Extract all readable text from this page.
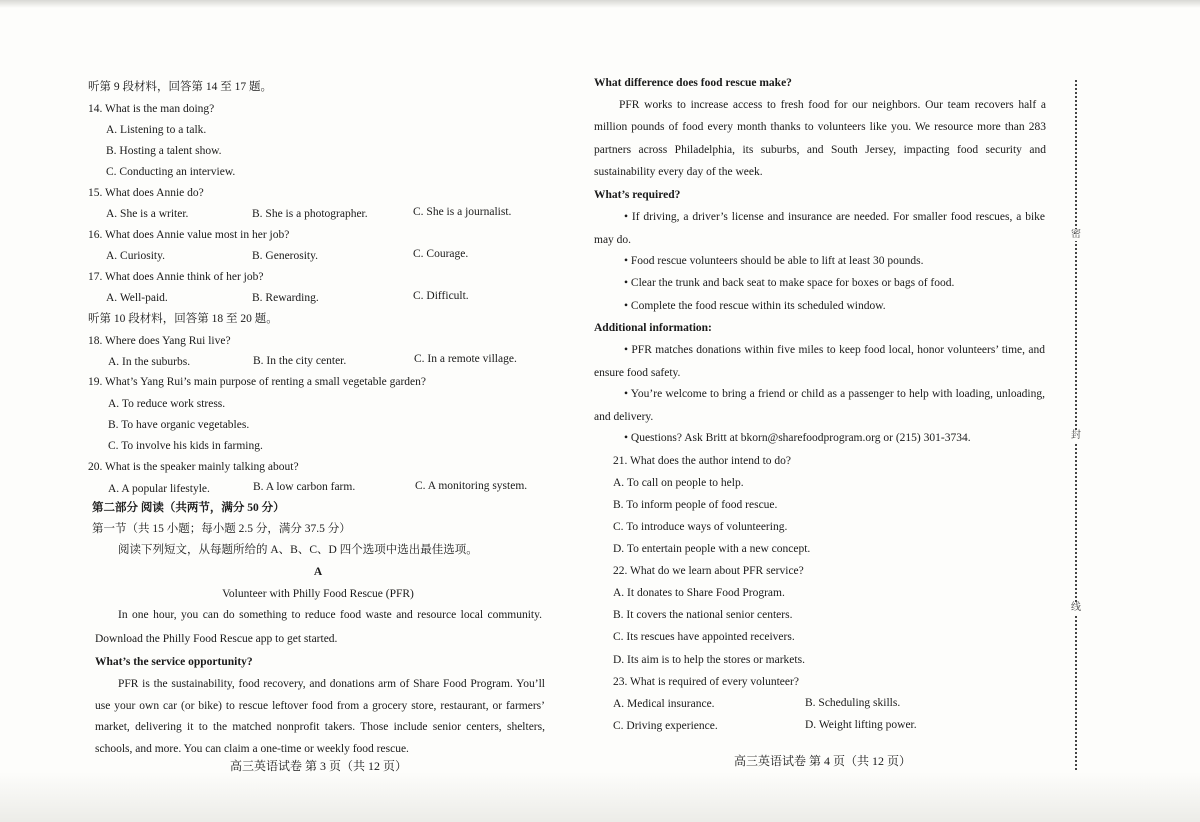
听第 9 段材料，回答第 14 至 17 题。
14. What is the man doing?
A. Listening to a talk.
B. Hosting a talent show.
C. Conducting an interview.
15. What does Annie do?
A. She is a writer.	B. She is a photographer.	C. She is a journalist.
16. What does Annie value most in her job?
A. Curiosity.	B. Generosity.	C. Courage.
17. What does Annie think of her job?
A. Well-paid.	B. Rewarding.	C. Difficult.
听第 10 段材料，回答第 18 至 20 题。
18. Where does Yang Rui live?
A. In the suburbs.	B. In the city center.	C. In a remote village.
19. What’s Yang Rui’s main purpose of renting a small vegetable garden?
A. To reduce work stress.
B. To have organic vegetables.
C. To involve his kids in farming.
20. What is the speaker mainly talking about?
A. A popular lifestyle.	B. A low carbon farm.	C. A monitoring system.
第二部分 阅读（共两节，满分 50 分）
第一节（共 15 小题；每小题 2.5 分，满分 37.5 分）
阅读下列短文，从每题所给的 A、B、C、D 四个选项中选出最佳选项。
A
Volunteer with Philly Food Rescue (PFR)
In one hour, you can do something to reduce food waste and resource local community.
Download the Philly Food Rescue app to get started.
What’s the service opportunity?
PFR is the sustainability, food recovery, and donations arm of Share Food Program. You’ll
use your own car (or bike) to rescue leftover food from a grocery store, restaurant, or farmers’
market, delivering it to the matched nonprofit takers. Those include senior centers, shelters,
schools, and more. You can claim a one-time or weekly food rescue.
高三英语试卷 第 3 页（共 12 页）
What difference does food rescue make?
PFR works to increase access to fresh food for our neighbors. Our team recovers half a
million pounds of food every month thanks to volunteers like you. We resource more than 283
partners across Philadelphia, its suburbs, and South Jersey, impacting food security and
sustainability every day of the week.
What’s required?
• If driving, a driver’s license and insurance are needed. For smaller food rescues, a bike
may do.
• Food rescue volunteers should be able to lift at least 30 pounds.
• Clear the trunk and back seat to make space for boxes or bags of food.
• Complete the food rescue within its scheduled window.
Additional information:
• PFR matches donations within five miles to keep food local, honor volunteers’ time, and
ensure food safety.
• You’re welcome to bring a friend or child as a passenger to help with loading, unloading,
and delivery.
• Questions? Ask Britt at bkorn@sharefoodprogram.org or (215) 301-3734.
21. What does the author intend to do?
A. To call on people to help.
B. To inform people of food rescue.
C. To introduce ways of volunteering.
D. To entertain people with a new concept.
22. What do we learn about PFR service?
A. It donates to Share Food Program.
B. It covers the national senior centers.
C. Its rescues have appointed receivers.
D. Its aim is to help the stores or markets.
23. What is required of every volunteer?
A. Medical insurance.	B. Scheduling skills.
C. Driving experience.	D. Weight lifting power.
高三英语试卷 第 4 页（共 12 页）
密
封
线
